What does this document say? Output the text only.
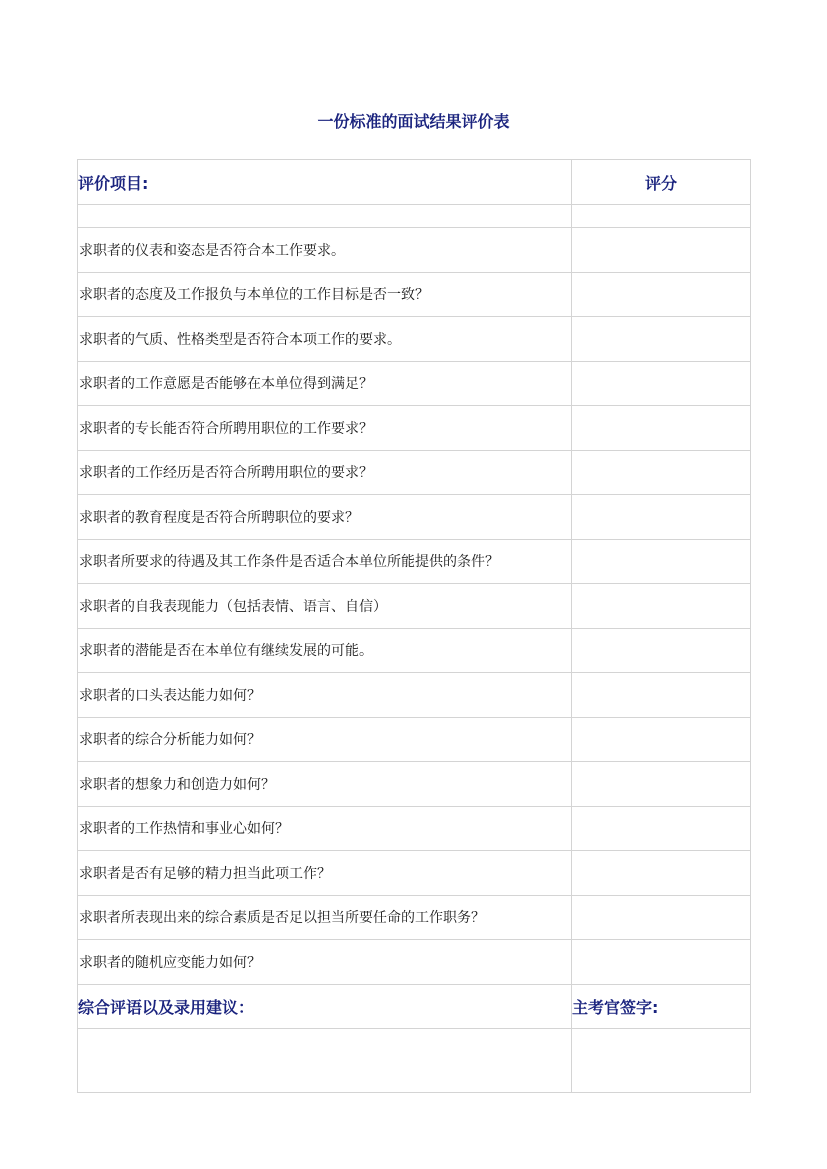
一份标准的面试结果评价表
评价项目:	评分

求职者的仪表和姿态是否符合本工作要求。	
求职者的态度及工作报负与本单位的工作目标是否一致？	
求职者的气质、性格类型是否符合本项工作的要求。	
求职者的工作意愿是否能够在本单位得到满足？	
求职者的专长能否符合所聘用职位的工作要求？	
求职者的工作经历是否符合所聘用职位的要求？	
求职者的教育程度是否符合所聘职位的要求？	
求职者所要求的待遇及其工作条件是否适合本单位所能提供的条件？	
求职者的自我表现能力（包括表情、语言、自信）	
求职者的潜能是否在本单位有继续发展的可能。	
求职者的口头表达能力如何？	
求职者的综合分析能力如何？	
求职者的想象力和创造力如何？	
求职者的工作热情和事业心如何？	
求职者是否有足够的精力担当此项工作？	
求职者所表现出来的综合素质是否足以担当所要任命的工作职务？	
求职者的随机应变能力如何？	
综合评语以及录用建议：	主考官签字:
